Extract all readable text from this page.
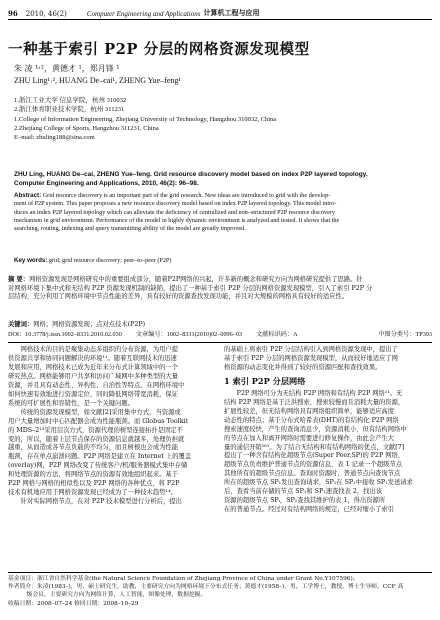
96 2010, 46(2)	Computer Engineering and Applications 计算机工程与应用
一种基于索引 P2P 分层的网格资源发现模型
朱 凌 ¹˒²，黄德才 ¹，郑月锋 ¹
ZHU Ling¹˒², HUANG De–cai¹, ZHENG Yue–feng¹
1.浙江工业大学 信息学院，杭州 310032
2.浙江体育职业技术学院，杭州 311231
1.College of Information Engineering, Zhejiang University of Technology, Hangzhou 310032, China
2.Zhejiang College of Sports, Hangzhou 311231, China
E–mail: zhuling188@sina.com
ZHU Ling, HUANG De–cai, ZHENG Yue–feng. Grid resource discovery model based on index P2P layered topology.
Computer Engineering and Applications, 2010, 46(2): 96–98.
Abstract: Grid resource discovery is an important part of the grid research. New ideas are introduced to grid with the develop-
ment of P2P system. This paper proposes a new resource discovery model based on index P2P layered topology. This model intro-
duces an index P2P layered topology which can alleviate the deficiency of centralized and non–structured P2P resource discovery
mechanism in grid environment. Performance of the model in highly dynamic environment is analyzed and tested. It shows that the
searching, routing, indexing and query transmitting ability of the model are greatly improved.
Key words: grid; grid resource discovery; peer–to–peer (P2P)
摘 要：网格资源发现是网格研究中的重要组成部分，随着P2P网络的兴起，许多新的概念和研究方向为网格研究提供了思路。针
对网格环境下集中式和无结构 P2P 资源发现机制的缺陷，提出了一种基于索引 P2P 分层的网格资源发现模型，引入了索引 P2P 分
层结构，充分利用了网格环境中节点性能的差异，具有较好的资源查找发现功能，并且对大规模的网格具有较好的适应性。
关键词：网格；网格资源发现；点对点技术(P2P)
DOI：10.3778/j.issn.1002–8331.2010.02.030 文章编号：1002–8331(2010)02–0096–03 文献标识码：A	中图分类号：TP393
网格技术的目的是聚集动态多组织的分布资源，为用户提
供资源共享和协同问题解决的环境¹¹。随着互联网技术的迅速
发展和应用，网格技术已成为近年来分布式计算领域中的一个
研究热点。网格能够用户共享和访问广域网中多种类型的大量
资源，并且具有动态性、异构性、自治性等特点。在网格环境中
如何快速有效地进行资源定位、同时降低网络带宽消耗，保证
系统的可扩展性和容错性，是一个关键问题。
传统的资源发现模型，如文献[2]采用集中方式，当资源或
用户大量增加时中心匹配器会成为性能瓶颈。而 Globus Toolkit
的 MDS–2¹³采用层次方式，资源代理的树型连接拓扑是固定不
变的，所以，随着上层节点保存的资源信息就越多，处理负担就
越重，从而造成各节点负载的不均匀，而且树根也会成为性能
瓶颈，存在单点崩溃问题。P2P 网络是建立在 Internet 上的覆盖
(overlay)网，P2P 网络改变了传统客户/机/服务器模式集中存储
和处理资源的方法，将网络节点的资源有效地组织起来。基于
P2P 网格与网格的相似性以及 P2P 网络的各种优点，将 P2P
技术有机地应用于网格资源发现已经成为了一种技术趋势¹⁴。
针对实际网格节点，在对 P2P 技术模型进行分析后，提出
的基础上将索引 P2P 分层结构引入到网格资源发现中，提出了
基于索引 P2P 分层的网格资源发现模型，从而较好地适应了网
格资源的动态变化并得到了较好的资源匹配和查找效果。
1 索引 P2P 分层网络
P2P 网络可分为无结构 P2P 网络和有结构 P2P 网络¹¹。无
结构 P2P 网络是基于泛洪搜索，搜索较慢而且消耗大量的资源，
扩展性较差，但无结构网络具有网络组织简单，能够适应高度
动态性的特点；基于分布式哈希表(DHT)的有结构化 P2P 网络
搜索速度较快，产生的查询消息少，资源消耗小，但有结构网络中
的节点在加入和离开网络时需要进行修复操作，由此会产生大
量的通信开销¹⁶¹。为了结合无结构和有结构网络的优点，文献[7]
提出了一种含有结构化超级节点(Super Peer,SP)的 P2P 网络，
超级节点负责维护普通节点的资源信息，表 1 记录一个超级节点
其他所有的超级节点信息。查询时资源时，普通节点向查询节点
所在的超级节点 SP₁发出查询请求，SP₁在 SP₁中接收 SP₁发送请求
后，查看当前存储的节点 SP₁和 SP₁速查找表 2，找出该
资源的超级节点 SPᵢ，SP₁查找其维护的表 1，得出资源所
在的普通节点。经过对有结构网络的规定，已经对缩小了索引
基金项目：浙江省自然科学基金(the Natural Science Foundation of Zhejiang Province of China under Grant No.Y107596)。
作者简介：朱凌(1983–)，男，硕士研究生，助教，主要研究方向为网格环境下分布式任务；黄德才(1958–)，男，工学博士，教授，博士生导师，CCF 高
级会员，主要研究方向为网络计算，人工智能，图像处理，数据挖掘。
收稿日期：2008–07–24 修回日期：2008–10–29
